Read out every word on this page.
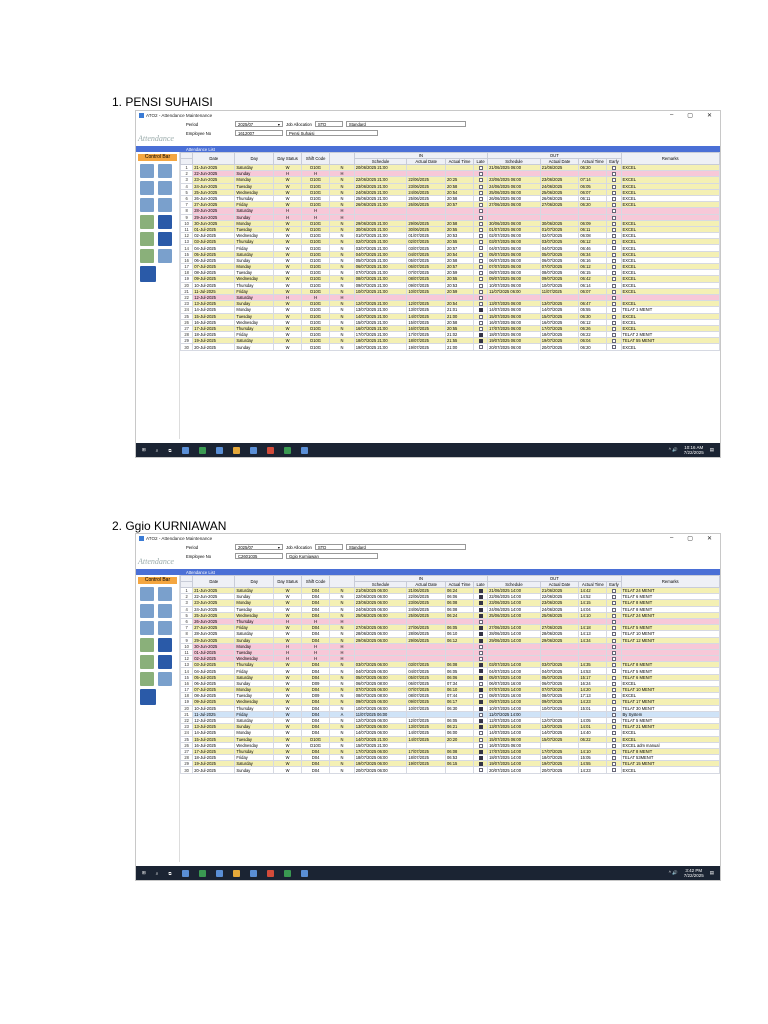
1. PENSI SUHAISI
ATO2 - Attendance Maintenance	– ▢ ✕
Attendance
Period	2025/07	▾ Job Allocation	STD	Standard
Employee No	1612007	Pensi Suhaisi
Attendance List
Control Bar
		Date	Day	Day Status	Shift Code		IN				OUT				Remarks
						Schedule	Actual Date	Actual Time	Late	Schedule	Actual Date	Actual Time	Early	
1	21-Jun-2025	Saturday	W	D10G	N	20/06/2025 21:00				21/06/2025 06:00	21/06/2025	06:20		EXCEL
2	22-Jun-2025	Sunday	H	H	H									
3	23-Jun-2025	Monday	W	D10G	N	22/06/2025 21:00	22/06/2025	20:25		23/06/2025 06:00	23/06/2025	07:14		EXCEL
4	24-Jun-2025	Tuesday	W	D10G	N	23/06/2025 21:00	23/06/2025	20:58		24/06/2025 06:00	24/06/2025	06:05		EXCEL
5	25-Jun-2025	Wednesday	W	D10G	N	24/06/2025 21:00	24/06/2025	20:54		25/06/2025 06:00	25/06/2025	06:07		EXCEL
6	26-Jun-2025	Thursday	W	D10G	N	25/06/2025 21:00	25/06/2025	20:58		26/06/2025 06:00	26/06/2025	06:11		EXCEL
7	27-Jun-2025	Friday	W	D10G	N	26/06/2025 21:00	26/06/2025	20:57		27/06/2025 06:00	27/06/2025	06:20		EXCEL
8	28-Jun-2025	Saturday	H	H	H									
9	29-Jun-2025	Sunday	H	H	H									
10	30-Jun-2025	Monday	W	D10G	N	29/06/2025 21:00	29/06/2025	20:58		30/06/2025 06:00	30/06/2025	06:09		EXCEL
11	01-Jul-2025	Tuesday	W	D10G	N	30/06/2025 21:00	30/06/2025	20:55		01/07/2025 06:00	01/07/2025	06:11		EXCEL
12	02-Jul-2025	Wednesday	W	D10G	N	01/07/2025 21:00	01/07/2025	20:53		02/07/2025 06:00	02/07/2025	06:08		EXCEL
13	03-Jul-2025	Thursday	W	D10G	N	02/07/2025 21:00	02/07/2025	20:55		03/07/2025 06:00	03/07/2025	06:12		EXCEL
14	04-Jul-2025	Friday	W	D10G	N	03/07/2025 21:00	03/07/2025	20:57		04/07/2025 06:00	04/07/2025	06:46		EXCEL
15	05-Jul-2025	Saturday	W	D10G	N	04/07/2025 21:00	04/07/2025	20:54		05/07/2025 06:00	05/07/2025	06:34		EXCEL
16	06-Jul-2025	Sunday	W	D10G	N	05/07/2025 21:00	05/07/2025	20:58		06/07/2025 06:00	06/07/2025	06:16		EXCEL
17	07-Jul-2025	Monday	W	D10G	N	06/07/2025 21:00	06/07/2025	20:57		07/07/2025 06:00	07/07/2025	06:12		EXCEL
18	08-Jul-2025	Tuesday	W	D10G	N	07/07/2025 21:00	07/07/2025	20:59		08/07/2025 06:00	08/07/2025	06:15		EXCEL
19	09-Jul-2025	Wednesday	W	D10G	N	08/07/2025 21:00	08/07/2025	20:55		09/07/2025 06:00	09/07/2025	06:42		EXCEL
20	10-Jul-2025	Thursday	W	D10G	N	09/07/2025 21:00	09/07/2025	20:53		10/07/2025 06:00	10/07/2025	06:14		EXCEL
21	11-Jul-2025	Friday	W	D10G	N	10/07/2025 21:00	10/07/2025	20:59		11/07/2025 06:00	11/07/2025	06:07		EXCEL
22	12-Jul-2025	Saturday	H	H	H									
23	13-Jul-2025	Sunday	W	D10G	N	12/07/2025 21:00	12/07/2025	20:54		13/07/2025 06:00	13/07/2025	06:47		EXCEL
24	14-Jul-2025	Monday	W	D10G	N	13/07/2025 21:00	13/07/2025	21:01		14/07/2025 06:00	14/07/2025	05:55		TELAT 1 MENIT
25	15-Jul-2025	Tuesday	W	D10G	N	14/07/2025 21:00	14/07/2025	21:00		15/07/2025 06:00	15/07/2025	06:30		EXCEL
26	16-Jul-2025	Wednesday	W	D10G	N	15/07/2025 21:00	15/07/2025	20:58		16/07/2025 06:00	16/07/2025	06:12		EXCEL
27	17-Jul-2025	Thursday	W	D10G	N	16/07/2025 21:00	16/07/2025	20:55		17/07/2025 06:00	17/07/2025	06:26		EXCEL
28	18-Jul-2025	Friday	W	D10G	N	17/07/2025 21:00	17/07/2025	21:02		18/07/2025 06:00	18/07/2025	06:22		TELAT 2 MENIT
29	19-Jul-2025	Saturday	W	D10G	N	18/07/2025 21:00	18/07/2025	21:55		19/07/2025 06:00	19/07/2025	06:04		TELAT 55 MENIT
30	20-Jul-2025	Sunday	W	D10G	N	19/07/2025 21:00	19/07/2025	21:00		20/07/2025 06:00	20/07/2025	06:20		EXCEL
⊞ ⌕ ⧉	^ 🔊 10:16 AM
7/22/2025
▤
2. Ggio KURNIAWAN
ATO2 - Attendance Maintenance	– ▢ ✕
Attendance
Period	2025/07	▾ Job Allocation	STD	Standard
Employee No	C2601035	Ggio Kurniawan
Attendance List
Control Bar
		Date	Day	Day Status	Shift Code		IN				OUT				Remarks
						Schedule	Actual Date	Actual Time	Late	Schedule	Actual Date	Actual Time	Early	
1	21-Jun-2025	Saturday	W	D04	N	21/06/2025 06:00	21/06/2025	06:24		21/06/2025 14:00	21/06/2025	14:42		TELAT 24 MENIT
2	22-Jun-2025	Sunday	W	D04	N	22/06/2025 06:00	22/06/2025	06:06		22/06/2025 14:00	22/06/2025	14:52		TELAT 6 MENIT
3	23-Jun-2025	Monday	W	D04	N	23/06/2025 06:00	23/06/2025	06:08		23/06/2025 14:00	23/06/2025	14:15		TELAT 8 MENIT
4	24-Jun-2025	Tuesday	W	D04	N	24/06/2025 06:00	24/06/2025	06:08		24/06/2025 14:00	24/06/2025	14:04		TELAT 8 MENIT
5	25-Jun-2025	Wednesday	W	D04	N	25/06/2025 06:00	25/06/2025	06:24		25/06/2025 14:00	25/06/2025	14:10		TELAT 24 MENIT
6	26-Jun-2025	Thursday	H	H	H									
7	27-Jun-2025	Friday	W	D04	N	27/06/2025 06:00	27/06/2025	06:05		27/06/2025 14:00	27/06/2025	14:18		TELAT 5 MENIT
8	28-Jun-2025	Saturday	W	D04	N	28/06/2025 06:00	28/06/2025	06:10		28/06/2025 14:00	28/06/2025	14:13		TELAT 10 MENIT
9	29-Jun-2025	Sunday	W	D04	N	29/06/2025 06:00	29/06/2025	06:12		29/06/2025 14:00	29/06/2025	14:34		TELAT 12 MENIT
10	30-Jun-2025	Monday	H	H	H									
11	01-Jul-2025	Tuesday	H	H	H									
12	02-Jul-2025	Wednesday	H	H	H									
13	03-Jul-2025	Thursday	W	D04	N	03/07/2025 06:00	03/07/2025	06:08		03/07/2025 14:00	03/07/2025	14:35		TELAT 8 MENIT
14	04-Jul-2025	Friday	W	D04	N	04/07/2025 06:00	04/07/2025	06:05		04/07/2025 14:00	04/07/2025	14:53		TELAT 5 MENIT
15	05-Jul-2025	Saturday	W	D04	N	05/07/2025 06:00	05/07/2025	06:06		05/07/2025 14:00	05/07/2025	15:17		TELAT 6 MENIT
16	06-Jul-2025	Sunday	W	D09	N	06/07/2025 08:00	06/07/2025	07:34		06/07/2025 16:00	06/07/2025	16:24		EXCEL
17	07-Jul-2025	Monday	W	D04	N	07/07/2025 06:00	07/07/2025	06:10		07/07/2025 14:00	07/07/2025	14:20		TELAT 10 MENIT
18	08-Jul-2025	Tuesday	W	D09	N	08/07/2025 08:00	08/07/2025	07:44		08/07/2025 16:00	08/07/2025	17:13		EXCEL
19	09-Jul-2025	Wednesday	W	D04	N	09/07/2025 06:00	09/07/2025	06:17		09/07/2025 14:00	09/07/2025	14:23		TELAT 17 MENIT
20	10-Jul-2025	Thursday	W	D04	N	10/07/2025 06:00	10/07/2025	06:30		10/07/2025 14:00	10/07/2025	15:01		TELAT 30 MENIT
21	11-Jul-2025	Friday	W	D04	A	11/07/2025 06:00				11/07/2025 14:00				By System
22	12-Jul-2025	Saturday	W	D04	N	12/07/2025 06:00	12/07/2025	06:05		12/07/2025 14:00	12/07/2025	14:05		TELAT 5 MENIT
23	13-Jul-2025	Sunday	W	D04	N	13/07/2025 06:00	13/07/2025	06:21		13/07/2025 14:00	13/07/2025	14:01		TELAT 21 MENIT
24	14-Jul-2025	Monday	W	D04	N	14/07/2025 06:00	14/07/2025	06:00		14/07/2025 14:00	14/07/2025	14:40		EXCEL
25	15-Jul-2025	Tuesday	W	D10G	N	14/07/2025 21:00	14/07/2025	20:20		15/07/2025 06:00	15/07/2025	06:22		EXCEL
26	16-Jul-2025	Wednesday	W	D10G	N	15/07/2025 21:00				16/07/2025 06:00				EXCEL adm manual
27	17-Jul-2025	Thursday	W	D04	N	17/07/2025 06:00	17/07/2025	06:08		17/07/2025 14:00	17/07/2025	14:10		TELAT 8 MENIT
28	18-Jul-2025	Friday	W	D04	N	18/07/2025 06:00	18/07/2025	06:53		18/07/2025 14:00	18/07/2025	15:05		TELAT 53MENIT
29	19-Jul-2025	Saturday	W	D04	N	19/07/2025 06:00	19/07/2025	06:15		19/07/2025 14:00	19/07/2025	14:55		TELAT 15 MENIT
30	20-Jul-2025	Sunday	W	D04	N	20/07/2025 06:00				20/07/2025 14:00	20/07/2025	14:23		EXCEL
⊞ ⌕ ⧉	^ 🔊	3:42 PM
7/22/2025
▤
